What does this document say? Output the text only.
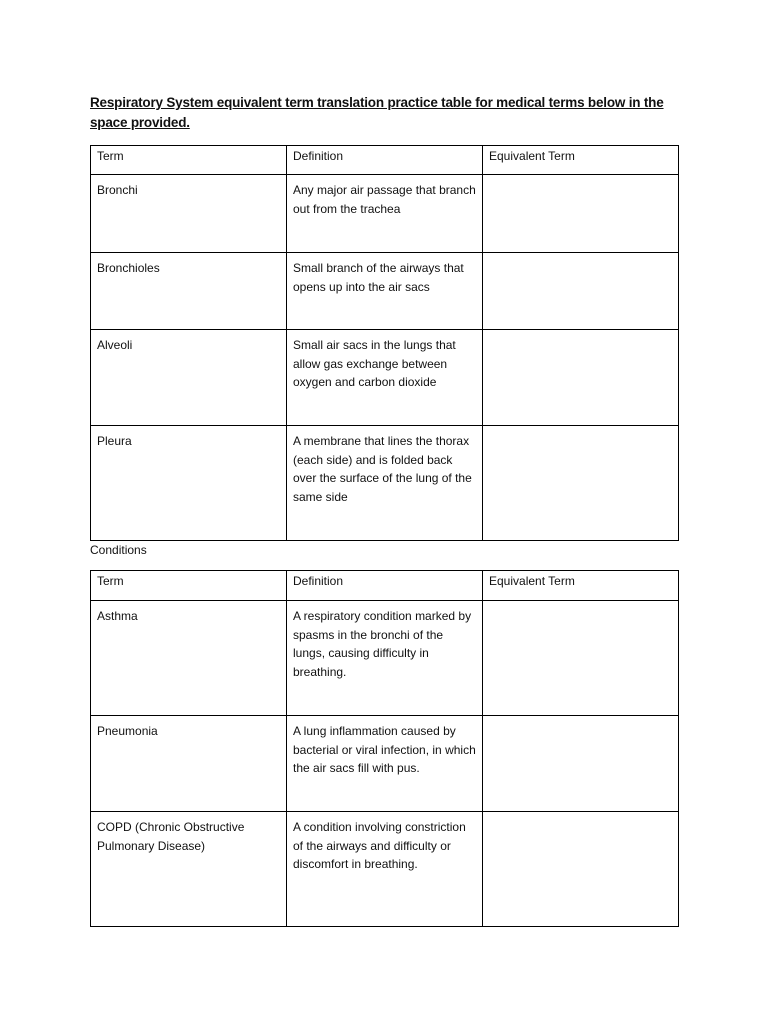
Respiratory System equivalent term translation practice table for medical terms below in the space provided.
Term	Definition	Equivalent Term
Bronchi	Any major air passage that branch out from the trachea	
Bronchioles	Small branch of the airways that opens up into the air sacs	
Alveoli	Small air sacs in the lungs that allow gas exchange between oxygen and carbon dioxide	
Pleura	A membrane that lines the thorax (each side) and is folded back over the surface of the lung of the same side	
Conditions
Term	Definition	Equivalent Term
Asthma	A respiratory condition marked by spasms in the bronchi of the lungs, causing difficulty in breathing.	
Pneumonia	A lung inflammation caused by bacterial or viral infection, in which the air sacs fill with pus.	
COPD (Chronic Obstructive Pulmonary Disease)	A condition involving constriction of the airways and difficulty or discomfort in breathing.	
